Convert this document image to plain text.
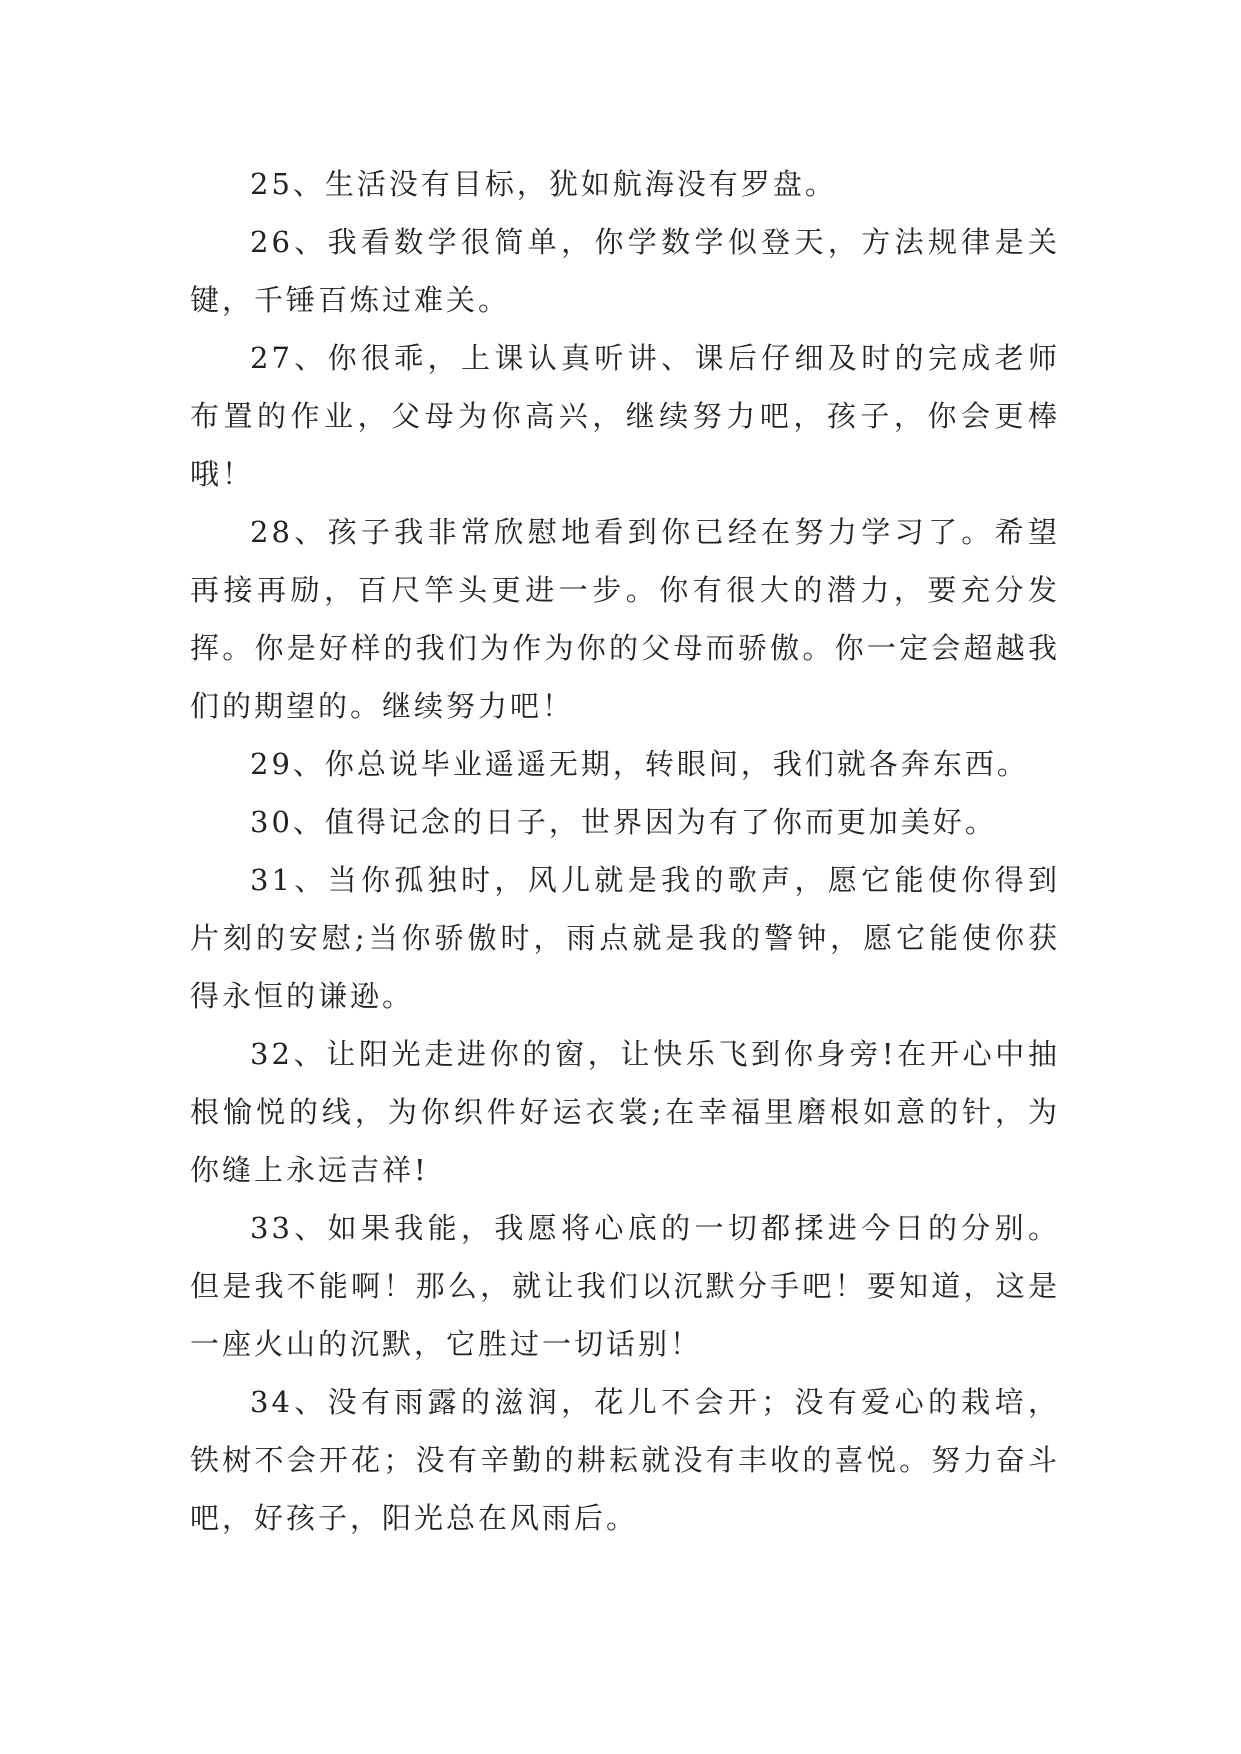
25、生活没有目标，犹如航海没有罗盘。

26、我看数学很简单，你学数学似登天，方法规律是关键，千锤百炼过难关。

27、你很乖，上课认真听讲、课后仔细及时的完成老师布置的作业，父母为你高兴，继续努力吧，孩子，你会更棒哦！

28、孩子我非常欣慰地看到你已经在努力学习了。希望再接再励，百尺竿头更进一步。你有很大的潜力，要充分发挥。你是好样的我们为作为你的父母而骄傲。你一定会超越我们的期望的。继续努力吧！

29、你总说毕业遥遥无期，转眼间，我们就各奔东西。

30、值得记念的日子，世界因为有了你而更加美好。

31、当你孤独时，风儿就是我的歌声，愿它能使你得到片刻的安慰;当你骄傲时，雨点就是我的警钟，愿它能使你获得永恒的谦逊。

32、让阳光走进你的窗，让快乐飞到你身旁!在开心中抽根愉悦的线，为你织件好运衣裳;在幸福里磨根如意的针，为你缝上永远吉祥!

33、如果我能，我愿将心底的一切都揉进今日的分别。但是我不能啊！那么，就让我们以沉默分手吧！要知道，这是一座火山的沉默，它胜过一切话别！

34、没有雨露的滋润，花儿不会开；没有爱心的栽培，铁树不会开花；没有辛勤的耕耘就没有丰收的喜悦。努力奋斗吧，好孩子，阳光总在风雨后。
